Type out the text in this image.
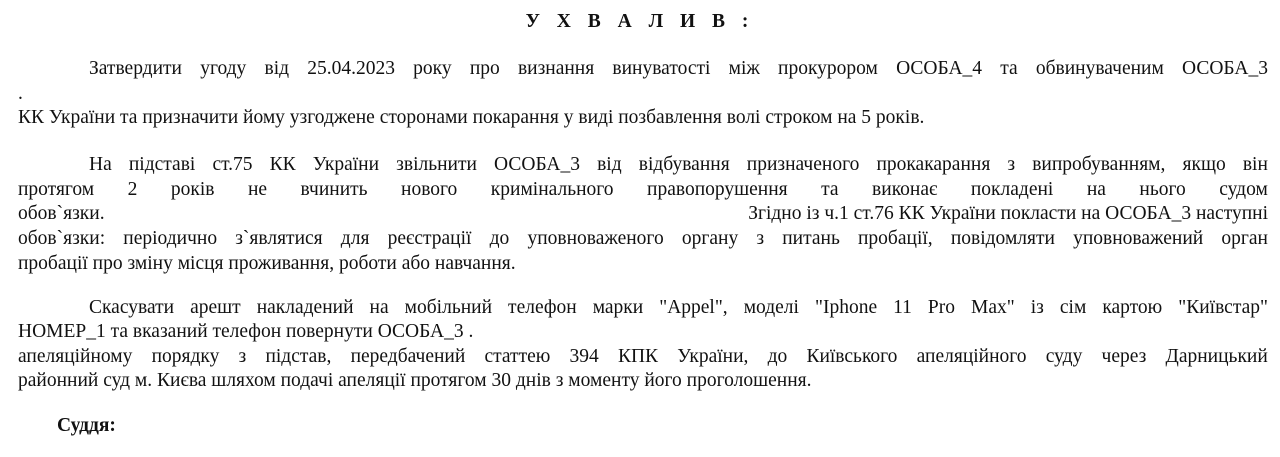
У Х В А Л И В :
Затвердити угоду від 25.04.2023 року про визнання винуватості між прокурором ОСОБА_4 та обвинуваченим ОСОБА_3
.
КК України та призначити йому узгоджене сторонами покарання у виді позбавлення волі строком на 5 років.
На підставі ст.75 КК України звільнити ОСОБА_3 від відбування призначеного прокакарання з випробуванням, якщо він
протягом 2 років не вчинить нового кримінального правопорушення та виконає покладені на нього судом
обов`язки.	Згідно із ч.1 ст.76 КК України покласти на ОСОБА_3 наступні
обов`язки: періодично з`являтися для реєстрації до уповноваженого органу з питань пробації, повідомляти уповноважений орган
пробації про зміну місця проживання, роботи або навчання.
Скасувати арешт накладений на мобільний телефон марки "Appel", моделі "Iphone 11 Pro Max" із сім картою "Київстар"
НОМЕР_1 та вказаний телефон повернути ОСОБА_3 .
апеляційному порядку з підстав, передбачений статтею 394 КПК України, до Київського апеляційного суду через Дарницький
районний суд м. Києва шляхом подачі апеляції протягом 30 днів з моменту його проголошення.
Суддя:
